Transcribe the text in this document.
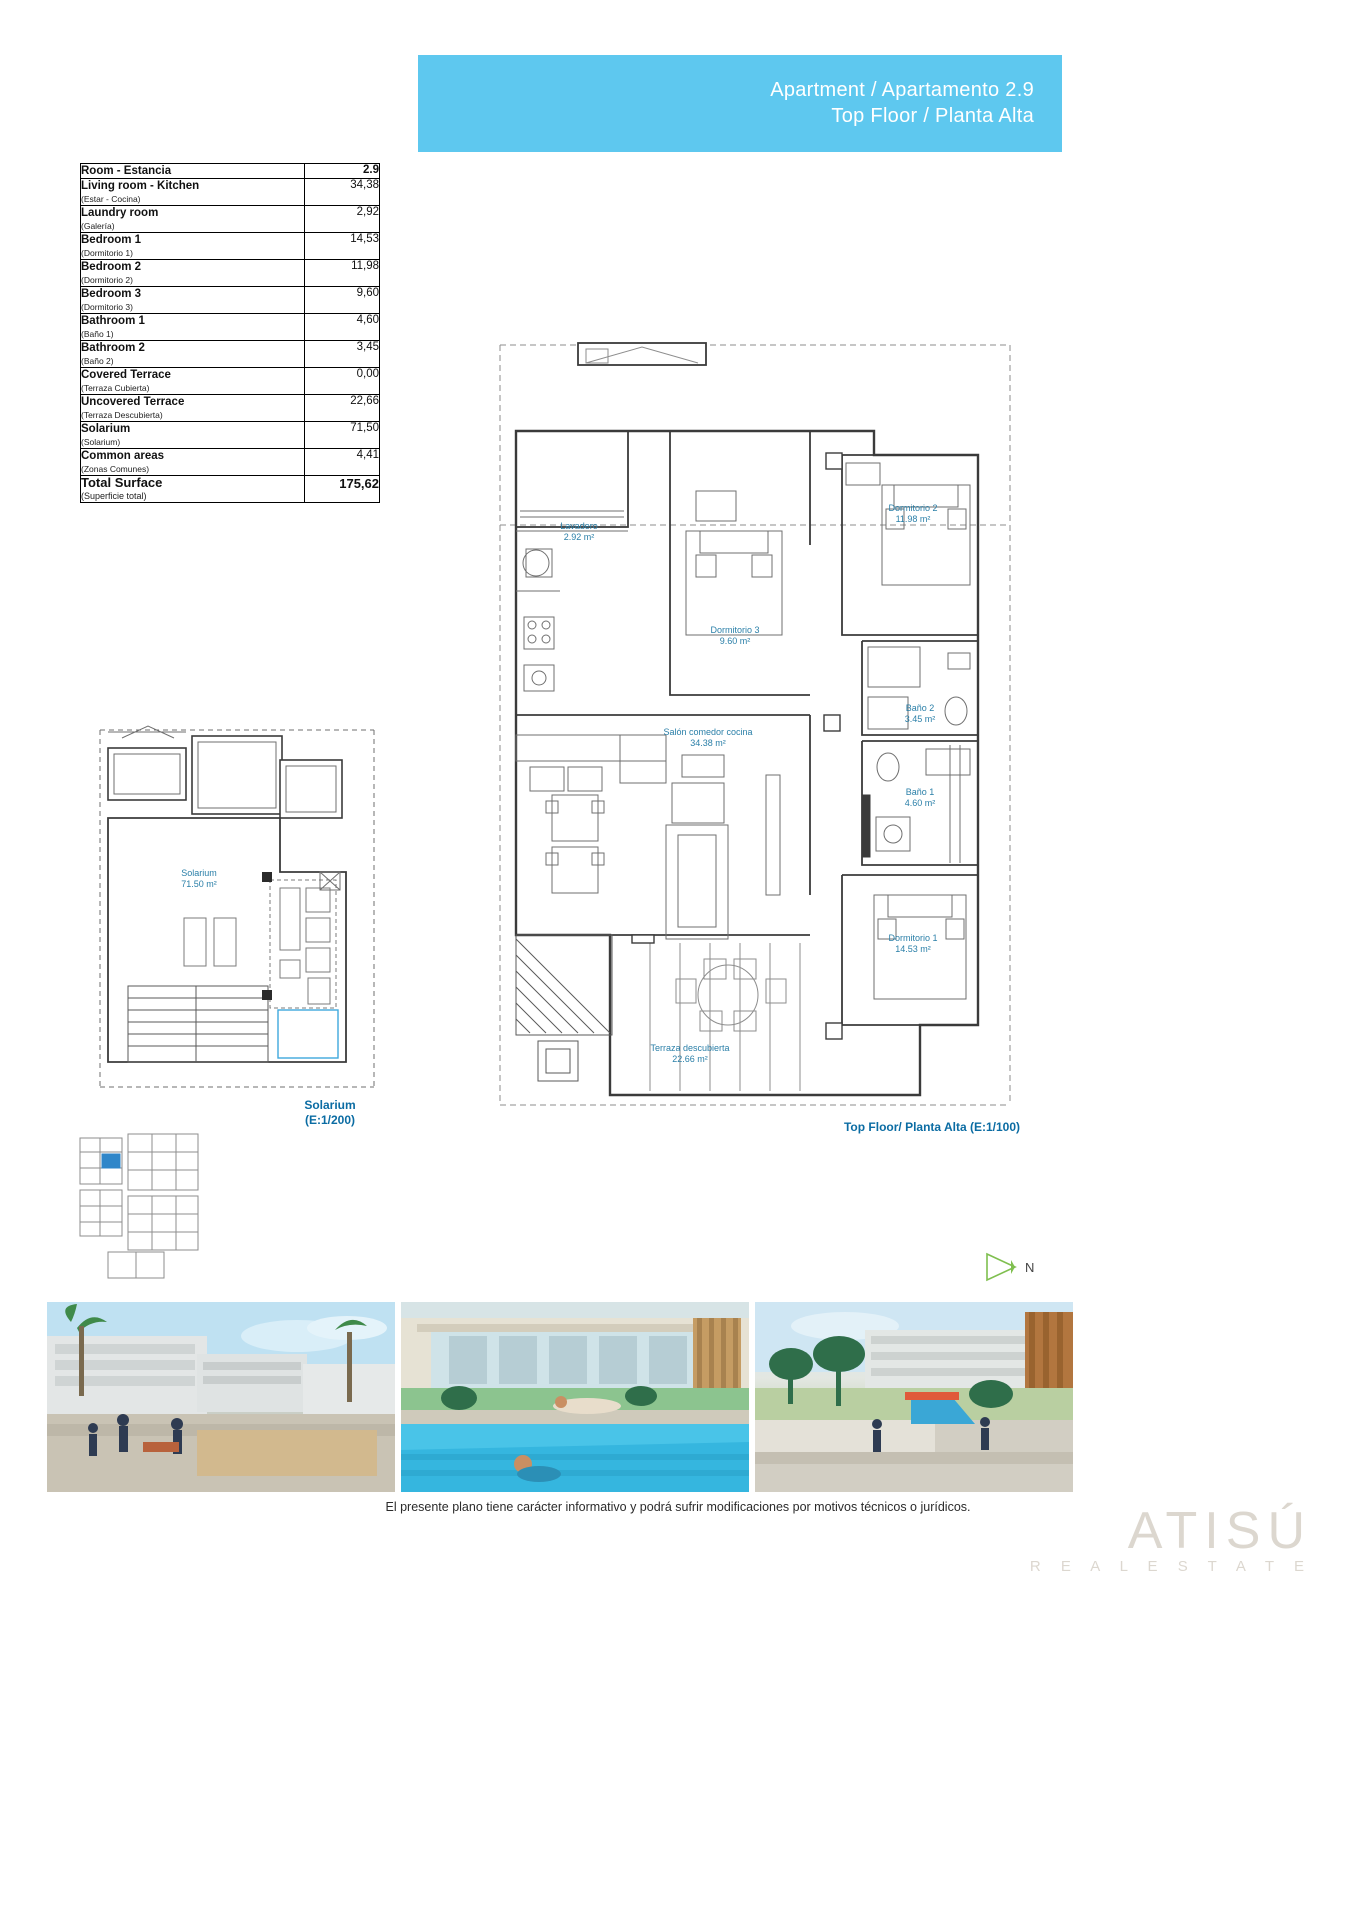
Apartment / Apartamento 2.9
Top Floor / Planta Alta
Room - Estancia	2.9

Living room - Kitchen
(Estar - Cocina)	34,38

Laundry room
(Galería)	2,92

Bedroom 1
(Dormitorio 1)	14,53

Bedroom 2
(Dormitorio 2)	11,98

Bedroom 3
(Dormitorio 3)	9,60

Bathroom 1
(Baño 1)	4,60

Bathroom 2
(Baño 2)	3,45

Covered Terrace
(Terraza Cubierta)	0,00

Uncovered Terrace
(Terraza Descubierta)	22,66

Solarium
(Solarium)	71,50

Common areas
(Zonas Comunes)	4,41

Total Surface
(Superficie total)	175,62
Solarium
71.50 m²
Solarium
(E:1/200)
Lavadero
2.92 m²
Dormitorio 2
11.98 m²
Dormitorio 3
9.60 m²
Baño 2
3.45 m²
Baño 1
4.60 m²
Salón comedor cocina
34.38 m²
Dormitorio 1
14.53 m²
Terraza descubierta
22.66 m²
Top Floor/ Planta Alta (E:1/100)
N
El presente plano tiene carácter informativo y podrá sufrir modificaciones por motivos técnicos o jurídicos.	ATISÚ
R E A L E S T A T E
